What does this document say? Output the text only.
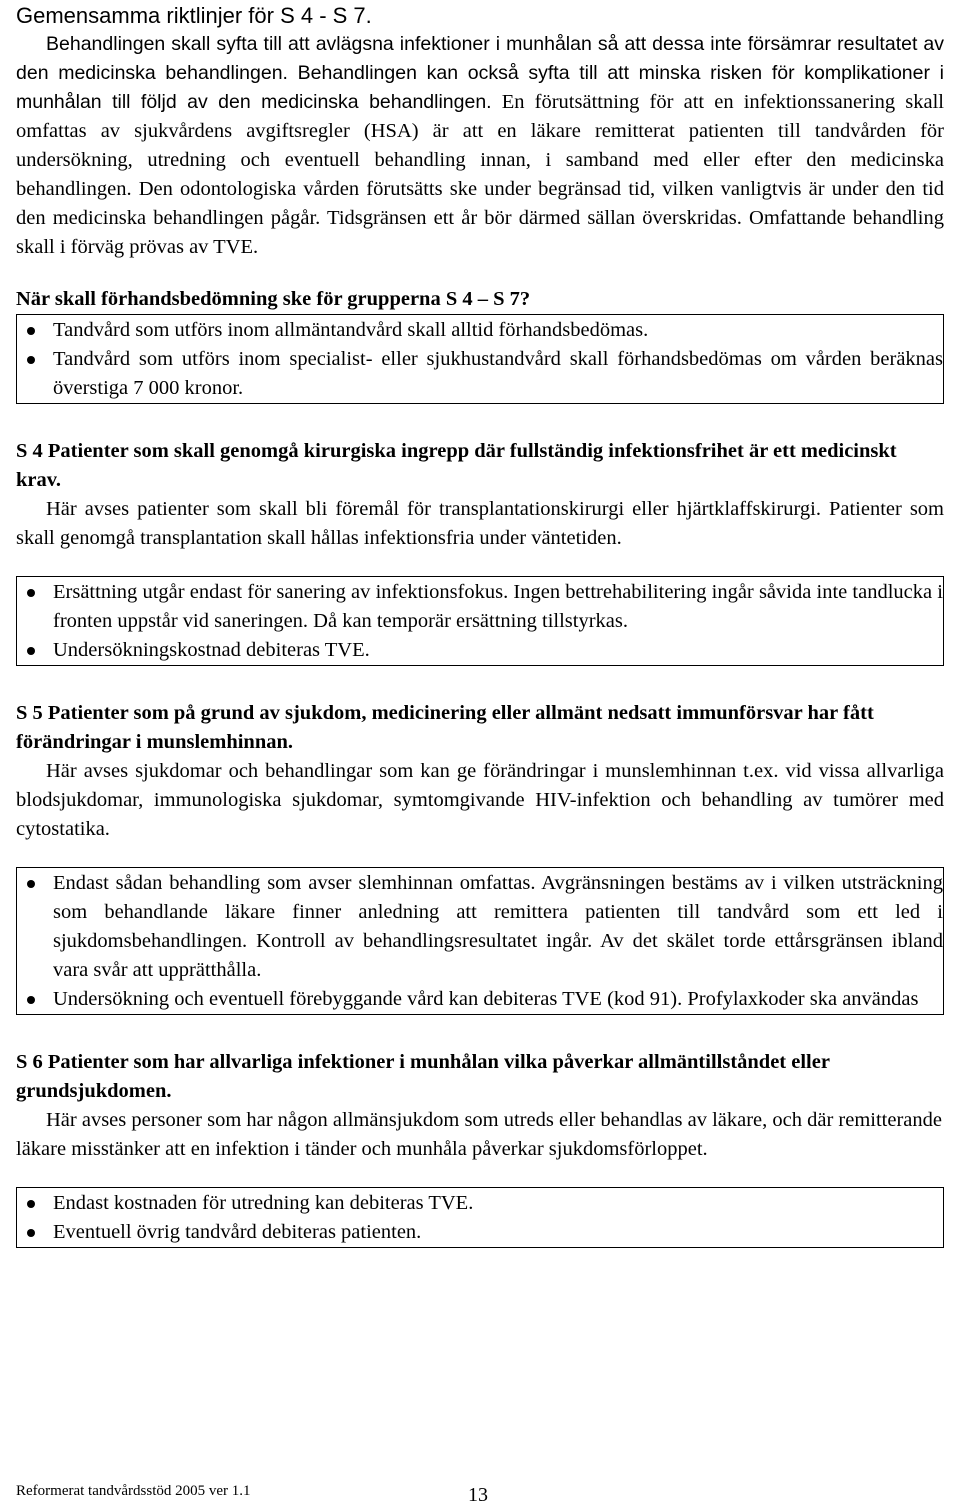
Gemensamma riktlinjer för S 4 - S 7.

Behandlingen skall syfta till att avlägsna infektioner i munhålan så att dessa inte försämrar resultatet av den medicinska behandlingen. Behandlingen kan också syfta till att minska risken för komplikationer i munhålan till följd av den medicinska behandlingen. En förutsättning för att en infektionssanering skall omfattas av sjukvårdens avgiftsregler (HSA) är att en läkare remitterat patienten till tandvården för undersökning, utredning och eventuell behandling innan, i samband med eller efter den medicinska behandlingen. Den odontologiska vården förutsätts ske under begränsad tid, vilken vanligtvis är under den tid den medicinska behandlingen pågår. Tidsgränsen ett år bör därmed sällan överskridas. Omfattande behandling skall i förväg prövas av TVE.

När skall förhandsbedömning ske för grupperna S 4 – S 7?
Tandvård som utförs inom allmäntandvård skall alltid förhandsbedömas.
Tandvård som utförs inom specialist- eller sjukhustandvård skall förhandsbedömas om vården beräknas överstiga 7 000 kronor.
S 4 Patienter som skall genomgå kirurgiska ingrepp där fullständig infektionsfrihet är ett medicinskt krav.

Här avses patienter som skall bli föremål för transplantationskirurgi eller hjärtklaffskirurgi. Patienter som skall genomgå transplantation skall hållas infektionsfria under väntetiden.

Ersättning utgår endast för sanering av infektionsfokus. Ingen bettrehabilitering ingår såvida inte tandlucka i fronten uppstår vid saneringen. Då kan temporär ersättning tillstyrkas.
Undersökningskostnad debiteras TVE.
S 5 Patienter som på grund av sjukdom, medicinering eller allmänt nedsatt immunförsvar har fått förändringar i munslemhinnan.

Här avses sjukdomar och behandlingar som kan ge förändringar i munslemhinnan t.ex. vid vissa allvarliga blodsjukdomar, immunologiska sjukdomar, symtomgivande HIV-infektion och behandling av tumörer med cytostatika.

Endast sådan behandling som avser slemhinnan omfattas. Avgränsningen bestäms av i vilken utsträckning som behandlande läkare finner anledning att remittera patienten till tandvård som ett led i sjukdomsbehandlingen. Kontroll av behandlingsresultatet ingår. Av det skälet torde ettårsgränsen ibland vara svår att upprätthålla.
Undersökning och eventuell förebyggande vård kan debiteras TVE (kod 91). Profylaxkoder ska användas
S 6 Patienter som har allvarliga infektioner i munhålan vilka påverkar allmäntillståndet eller grundsjukdomen.

Här avses personer som har någon allmänsjukdom som utreds eller behandlas av läkare, och där remitterande läkare misstänker att en infektion i tänder och munhåla påverkar sjukdomsförloppet.

Endast kostnaden för utredning kan debiteras TVE.
Eventuell övrig tandvård debiteras patienten.
Reformerat tandvårdsstöd 2005 ver 1.1	13
